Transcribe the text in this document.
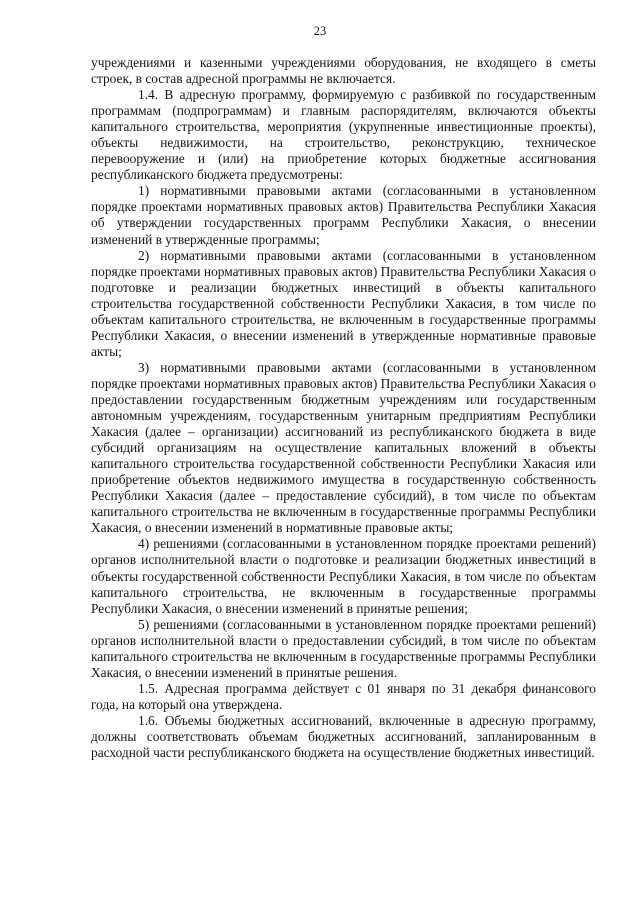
23

учреждениями и казенными учреждениями оборудования, не входящего в сметы строек, в состав адресной программы не включается.

1.4. В адресную программу, формируемую с разбивкой по государственным программам (подпрограммам) и главным распорядителям, включаются объекты капитального строительства, мероприятия (укрупненные инвестиционные проекты), объекты недвижимости, на строительство, реконструкцию, техническое перевооружение и (или) на приобретение которых бюджетные ассигнования республиканского бюджета предусмотрены:

1) нормативными правовыми актами (согласованными в установленном порядке проектами нормативных правовых актов) Правительства Республики Хакасия об утверждении государственных программ Республики Хакасия, о внесении изменений в утвержденные программы;

2) нормативными правовыми актами (согласованными в установленном порядке проектами нормативных правовых актов) Правительства Республики Хакасия о подготовке и реализации бюджетных инвестиций в объекты капитального строительства государственной собственности Республики Хакасия, в том числе по объектам капитального строительства, не включенным в государственные программы Республики Хакасия, о внесении изменений в утвержденные нормативные правовые акты;

3) нормативными правовыми актами (согласованными в установленном порядке проектами нормативных правовых актов) Правительства Республики Хакасия о предоставлении государственным бюджетным учреждениям или государственным автономным учреждениям, государственным унитарным предприятиям Республики Хакасия (далее – организации) ассигнований из республиканского бюджета в виде субсидий организациям на осуществление капитальных вложений в объекты капитального строительства государственной собственности Республики Хакасия или приобретение объектов недвижимого имущества в государственную собственность Республики Хакасия (далее – предоставление субсидий), в том числе по объектам капитального строительства не включенным в государственные программы Республики Хакасия, о внесении изменений в нормативные правовые акты;

4) решениями (согласованными в установленном порядке проектами решений) органов исполнительной власти о подготовке и реализации бюджетных инвестиций в объекты государственной собственности Республики Хакасия, в том числе по объектам капитального строительства, не включенным в государственные программы Республики Хакасия, о внесении изменений в принятые решения;

5) решениями (согласованными в установленном порядке проектами решений) органов исполнительной власти о предоставлении субсидий, в том числе по объектам капитального строительства не включенным в государственные программы Республики Хакасия, о внесении изменений в принятые решения.

1.5. Адресная программа действует с 01 января по 31 декабря финансового года, на который она утверждена.

1.6. Объемы бюджетных ассигнований, включенные в адресную программу, должны соответствовать объемам бюджетных ассигнований, запланированным в расходной части республиканского бюджета на осуществление бюджетных инвестиций.
